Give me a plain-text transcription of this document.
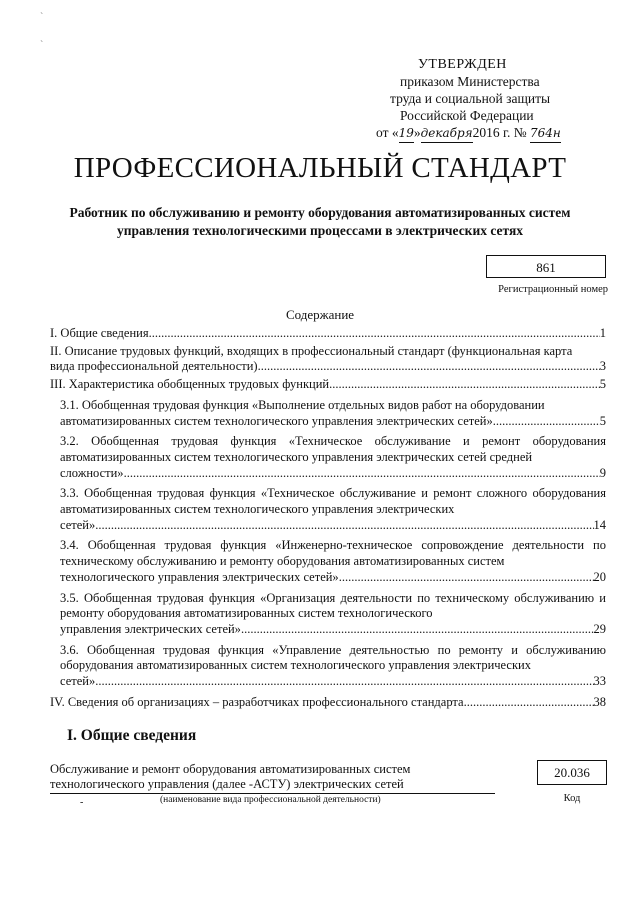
ˋ
ˋ
УТВЕРЖДЕН
приказом Министерства
труда и социальной защиты
Российской Федерации
от «19»декабря2016 г. № 764н
ПРОФЕССИОНАЛЬНЫЙ СТАНДАРТ
Работник по обслуживанию и ремонту оборудования автоматизированных систем управления технологическими процессами в электрических сетях
861
Регистрационный номер
Содержание
I. Общие сведения .....	1
II. Описание трудовых функций, входящих в профессиональный стандарт (функциональная карта
вида профессиональной деятельности) .....	3
III. Характеристика обобщенных трудовых функций .....	5
3.1. Обобщенная трудовая функция «Выполнение отдельных видов работ на оборудовании
автоматизированных систем технологического управления электрических сетей» .....	5
3.2. Обобщенная трудовая функция «Техническое обслуживание и ремонт оборудования автоматизированных систем технологического управления электрических сетей средней
сложности» .....	9
3.3. Обобщенная трудовая функция «Техническое обслуживание и ремонт сложного оборудования автоматизированных систем технологического управления электрических
сетей» .....	14
3.4. Обобщенная трудовая функция «Инженерно-техническое сопровождение деятельности по техническому обслуживанию и ремонту оборудования автоматизированных систем
технологического управления электрических сетей» .....	20
3.5. Обобщенная трудовая функция «Организация деятельности по техническому обслуживанию и ремонту оборудования автоматизированных систем технологического
управления электрических сетей» .....	29
3.6. Обобщенная трудовая функция «Управление деятельностью по ремонту и обслуживанию оборудования автоматизированных систем технологического управления электрических
сетей» .....	33
IV. Сведения об организациях – разработчиках профессионального стандарта .....	38
I. Общие сведения
Обслуживание и ремонт оборудования автоматизированных систем
технологического управления (далее -АСТУ) электрических сетей
-	(наименование вида профессиональной деятельности)
20.036
Код
